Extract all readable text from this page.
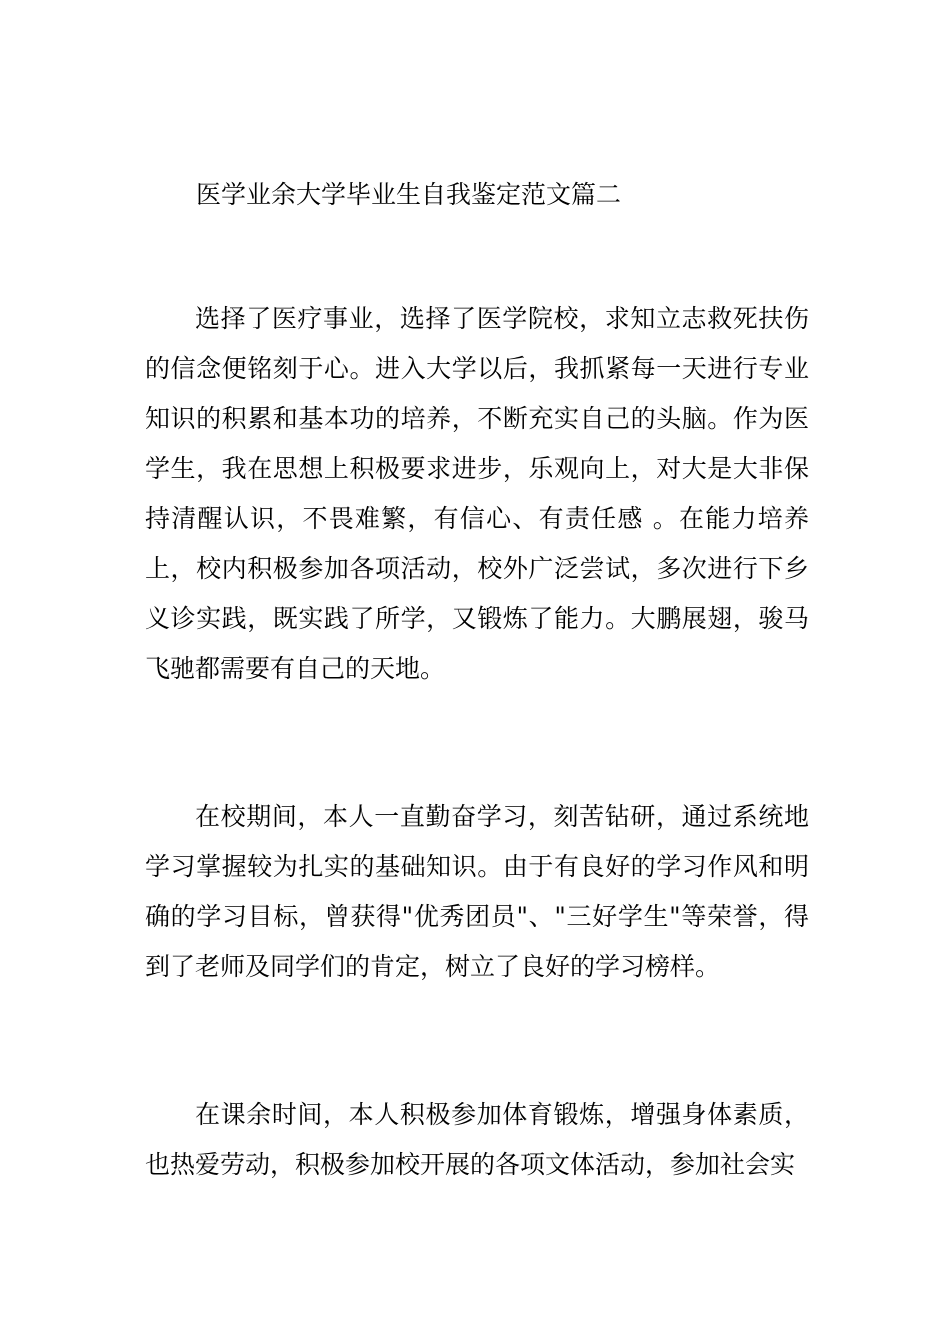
医学业余大学毕业生自我鉴定范文篇二

选择了医疗事业，选择了医学院校，求知立志救死扶伤的信念便铭刻于心。进入大学以后，我抓紧每一天进行专业知识的积累和基本功的培养，不断充实自己的头脑。作为医学生，我在思想上积极要求进步，乐观向上，对大是大非保持清醒认识，不畏难繁，有信心、有责任感 。在能力培养上，校内积极参加各项活动，校外广泛尝试，多次进行下乡义诊实践，既实践了所学，又锻炼了能力。大鹏展翅，骏马飞驰都需要有自己的天地。

在校期间，本人一直勤奋学习，刻苦钻研，通过系统地学习掌握较为扎实的基础知识。由于有良好的学习作风和明确的学习目标，曾获得"优秀团员"、"三好学生"等荣誉，得到了老师及同学们的肯定，树立了良好的学习榜样。

在课余时间，本人积极参加体育锻炼，增强身体素质，也热爱劳动，积极参加校开展的各项文体活动，参加社会实
